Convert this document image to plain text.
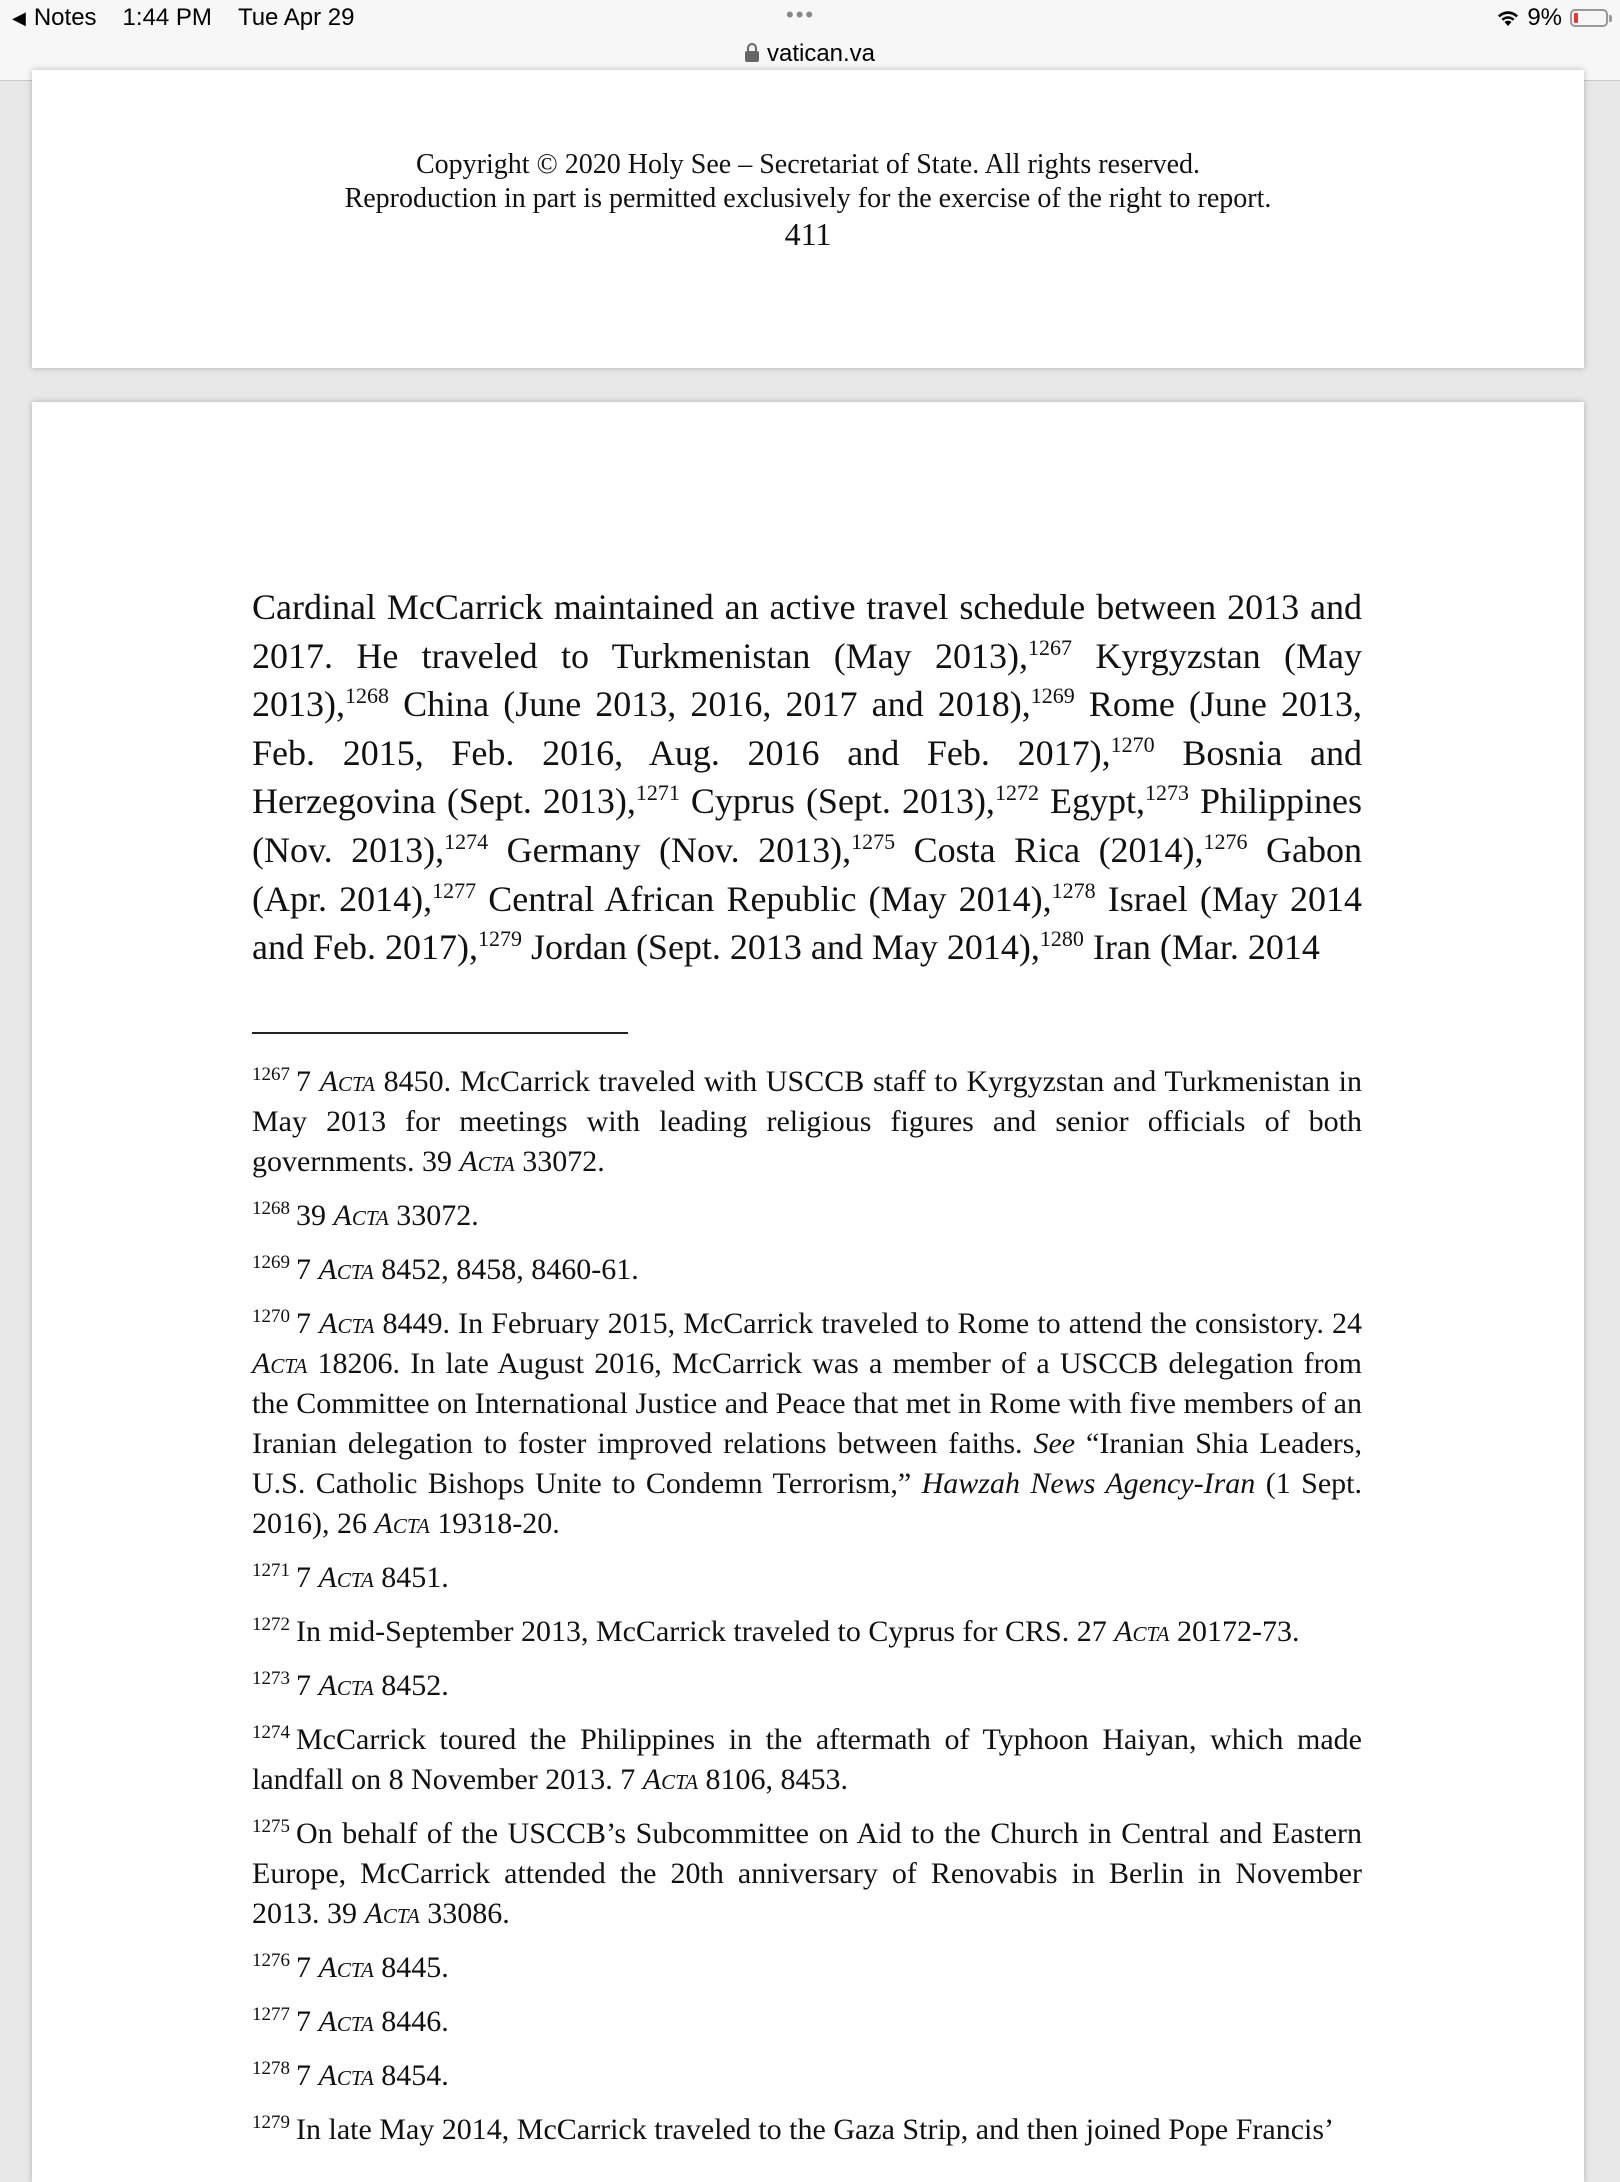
◀ Notes 1:44 PM Tue Apr 29	•••
vatican.va
9%
Copyright © 2020 Holy See – Secretariat of State. All rights reserved.
Reproduction in part is permitted exclusively for the exercise of the right to report.
411
Cardinal McCarrick maintained an active travel schedule between 2013 and 2017. He traveled to Turkmenistan (May 2013),$^{1267}$ Kyrgyzstan (May 2013),$^{1268}$ China (June 2013, 2016, 2017 and 2018),$^{1269}$ Rome (June 2013, Feb. 2015, Feb. 2016, Aug. 2016 and Feb. 2017),$^{1270}$ Bosnia and Herzegovina (Sept. 2013),$^{1271}$ Cyprus (Sept. 2013),$^{1272}$ Egypt,$^{1273}$ Philippines (Nov. 2013),$^{1274}$ Germany (Nov. 2013),$^{1275}$ Costa Rica (2014),$^{1276}$ Gabon (Apr. 2014),$^{1277}$ Central African Republic (May 2014),$^{1278}$ Israel (May 2014 and Feb. 2017),$^{1279}$ Jordan (Sept. 2013 and May 2014),$^{1280}$ Iran (Mar. 2014

$^{1267}$ 7 Acta 8450. McCarrick traveled with USCCB staff to Kyrgyzstan and Turkmenistan in May 2013 for meetings with leading religious figures and senior officials of both governments. 39 Acta 33072.

$^{1268}$ 39 Acta 33072.

$^{1269}$ 7 Acta 8452, 8458, 8460-61.

$^{1270}$ 7 Acta 8449. In February 2015, McCarrick traveled to Rome to attend the consistory. 24 Acta 18206. In late August 2016, McCarrick was a member of a USCCB delegation from the Committee on International Justice and Peace that met in Rome with five members of an Iranian delegation to foster improved relations between faiths. See “Iranian Shia Leaders, U.S. Catholic Bishops Unite to Condemn Terrorism,” Hawzah News Agency-Iran (1 Sept. 2016), 26 Acta 19318-20.

$^{1271}$ 7 Acta 8451.

$^{1272}$ In mid-September 2013, McCarrick traveled to Cyprus for CRS. 27 Acta 20172-73.

$^{1273}$ 7 Acta 8452.

$^{1274}$ McCarrick toured the Philippines in the aftermath of Typhoon Haiyan, which made landfall on 8 November 2013. 7 Acta 8106, 8453.

$^{1275}$ On behalf of the USCCB’s Subcommittee on Aid to the Church in Central and Eastern Europe, McCarrick attended the 20th anniversary of Renovabis in Berlin in November 2013. 39 Acta 33086.

$^{1276}$ 7 Acta 8445.

$^{1277}$ 7 Acta 8446.

$^{1278}$ 7 Acta 8454.

$^{1279}$ In late May 2014, McCarrick traveled to the Gaza Strip, and then joined Pope Francis’
